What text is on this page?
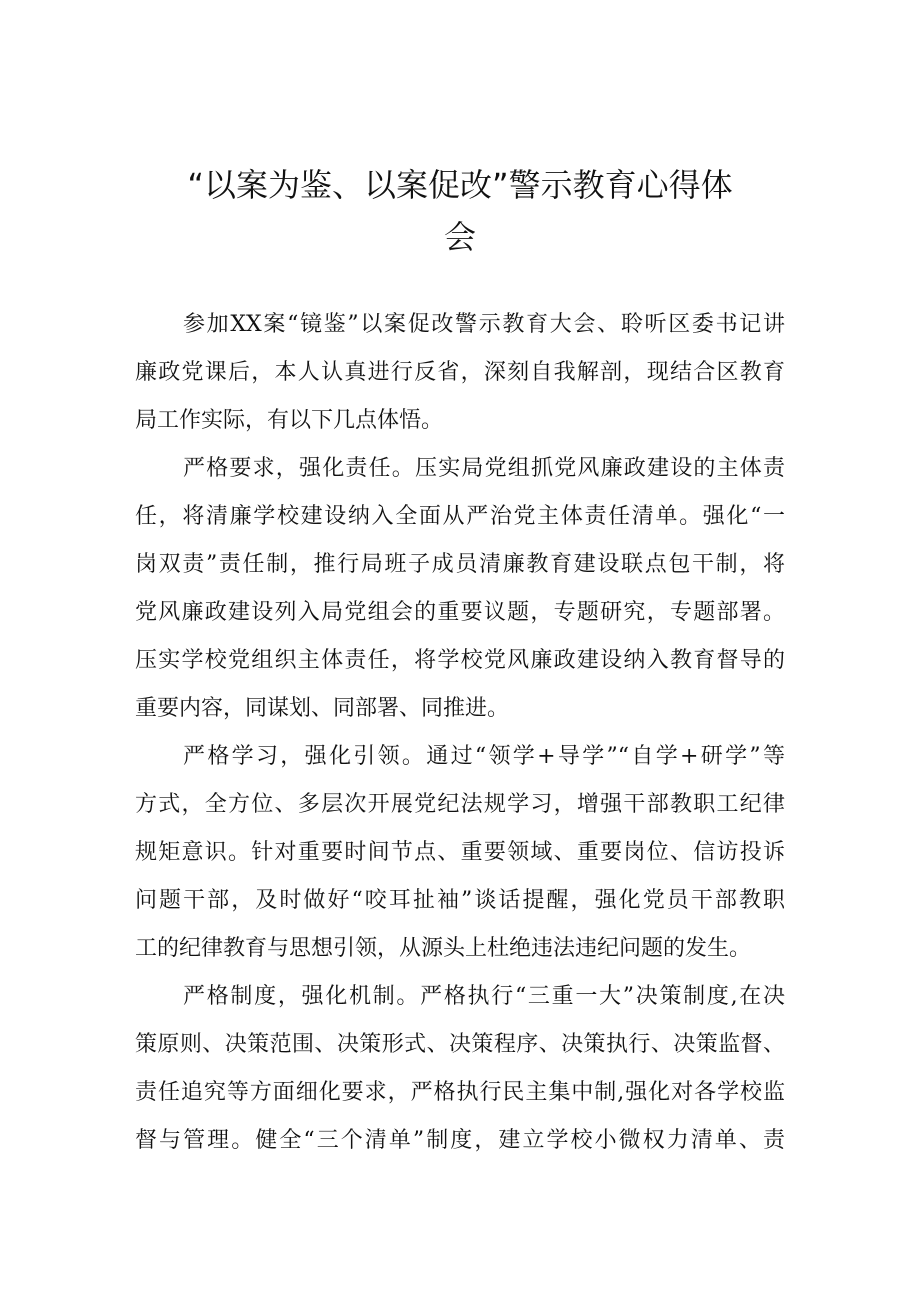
“以案为鉴、以案促改”警示教育心得体
会
参加XX案“镜鉴”以案促改警示教育大会、聆听区委书记讲
廉政党课后，本人认真进行反省，深刻自我解剖，现结合区教育
局工作实际，有以下几点体悟。
严格要求，强化责任。压实局党组抓党风廉政建设的主体责
任，将清廉学校建设纳入全面从严治党主体责任清单。强化“一
岗双责”责任制，推行局班子成员清廉教育建设联点包干制，将
党风廉政建设列入局党组会的重要议题，专题研究，专题部署。
压实学校党组织主体责任，将学校党风廉政建设纳入教育督导的
重要内容，同谋划、同部署、同推进。
严格学习，强化引领。通过“领学+导学”“自学+研学”等
方式，全方位、多层次开展党纪法规学习，增强干部教职工纪律
规矩意识。针对重要时间节点、重要领域、重要岗位、信访投诉
问题干部，及时做好“咬耳扯袖”谈话提醒，强化党员干部教职
工的纪律教育与思想引领，从源头上杜绝违法违纪问题的发生。
严格制度，强化机制。严格执行“三重一大”决策制度,在决
策原则、决策范围、决策形式、决策程序、决策执行、决策监督、
责任追究等方面细化要求，严格执行民主集中制,强化对各学校监
督与管理。健全“三个清单”制度，建立学校小微权力清单、责
